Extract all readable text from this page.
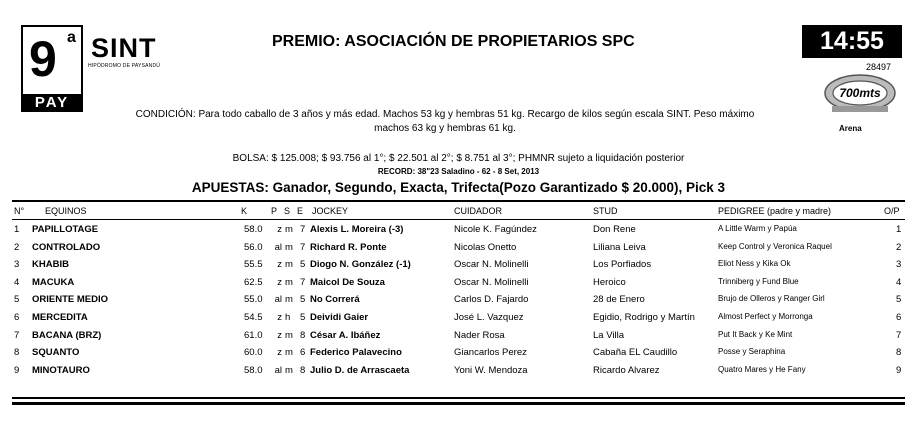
9 a
PAY
SINT
HIPÓDROMO DE PAYSANDÚ
PREMIO: ASOCIACIÓN DE PROPIETARIOS SPC	14:55
28497
700mts
Arena
CONDICIÓN: Para todo caballo de 3 años y más edad. Machos 53 kg y hembras 51 kg. Recargo de kilos según escala SINT. Peso máximo machos 63 kg y hembras 61 kg.
BOLSA: $ 125.008; $ 93.756 al 1°; $ 22.501 al 2°; $ 8.751 al 3°; PHMNR sujeto a liquidación posterior
RECORD: 38"23 Saladino - 62 - 8 Set, 2013
APUESTAS: Ganador, Segundo, Exacta, Trifecta(Pozo Garantizado $ 20.000), Pick 3
N° EQUINOS	K	P S E JOCKEY	CUIDADOR	STUD	PEDIGREE (padre y madre)	O/P
1 PAPILLOTAGE	58.0	z m 7 Alexis L. Moreira (-3)	Nicole K. Fagúndez	Don Rene	A Little Warm y Papúa	1
2 CONTROLADO	56.0	al m 7 Richard R. Ponte	Nicolas Onetto	Liliana Leiva	Keep Control y Veronica Raquel	2
3 KHABIB	55.5	z m 5 Diogo N. González (-1)	Oscar N. Molinelli	Los Porfiados	Eliot Ness y Kika Ok	3
4 MACUKA	62.5	z m 7 Maicol De Souza	Oscar N. Molinelli	Heroico	Trinniberg y Fund Blue	4
5 ORIENTE MEDIO	55.0	al m 5 No Correrá	Carlos D. Fajardo	28 de Enero	Brujo de Olleros y Ranger Girl	5
6 MERCEDITA	54.5	z h 5 Deividi Gaier	José L. Vazquez	Egidio, Rodrigo y Martín	Almost Perfect y Morronga	6
7 BACANA (BRZ)	61.0	z m 8 César A. Ibáñez	Nader Rosa	La Villa	Put It Back y Ke Mint	7
8 SQUANTO	60.0	z m 6 Federico Palavecino	Giancarlos Perez	Cabaña EL Caudillo	Posse y Seraphina	8
9 MINOTAURO	58.0	al m 8 Julio D. de Arrascaeta	Yoni W. Mendoza	Ricardo Alvarez	Quatro Mares y He Fany	9
